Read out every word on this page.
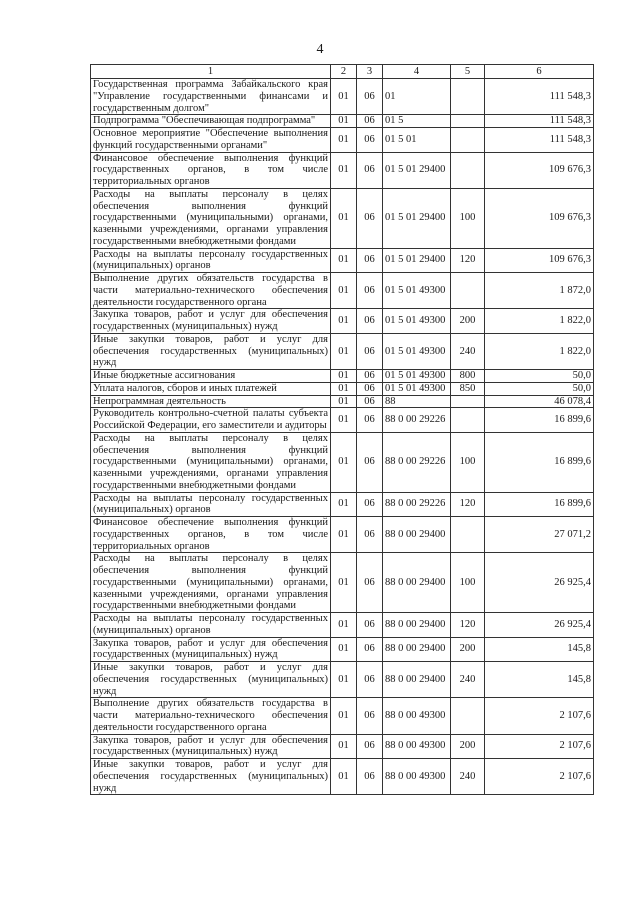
4
1	2	3	4	5	6
Государственная программа Забайкальского края "Управление государственными финансами и государственным долгом"	01	06	01		111 548,3
Подпрограмма "Обеспечивающая подпрограмма"	01	06	01 5		111 548,3
Основное мероприятие "Обеспечение выполнения функций государственными органами"	01	06	01 5 01		111 548,3
Финансовое обеспечение выполнения функций государственных органов, в том числе территориальных органов	01	06	01 5 01 29400		109 676,3
Расходы на выплаты персоналу в целях обеспечения выполнения функций государственными (муниципальными) органами, казенными учреждениями, органами управления государственными внебюджетными фондами	01	06	01 5 01 29400	100	109 676,3
Расходы на выплаты персоналу государственных (муниципальных) органов	01	06	01 5 01 29400	120	109 676,3
Выполнение других обязательств государства в части материально-технического обеспечения деятельности государственного органа	01	06	01 5 01 49300		1 872,0
Закупка товаров, работ и услуг для обеспечения государственных (муниципальных) нужд	01	06	01 5 01 49300	200	1 822,0
Иные закупки товаров, работ и услуг для обеспечения государственных (муниципальных) нужд	01	06	01 5 01 49300	240	1 822,0
Иные бюджетные ассигнования	01	06	01 5 01 49300	800	50,0
Уплата налогов, сборов и иных платежей	01	06	01 5 01 49300	850	50,0
Непрограммная деятельность	01	06	88		46 078,4
Руководитель контрольно-счетной палаты субъекта Российской Федерации, его заместители и аудиторы	01	06	88 0 00 29226		16 899,6
Расходы на выплаты персоналу в целях обеспечения выполнения функций государственными (муниципальными) органами, казенными учреждениями, органами управления государственными внебюджетными фондами	01	06	88 0 00 29226	100	16 899,6
Расходы на выплаты персоналу государственных (муниципальных) органов	01	06	88 0 00 29226	120	16 899,6
Финансовое обеспечение выполнения функций государственных органов, в том числе территориальных органов	01	06	88 0 00 29400		27 071,2
Расходы на выплаты персоналу в целях обеспечения выполнения функций государственными (муниципальными) органами, казенными учреждениями, органами управления государственными внебюджетными фондами	01	06	88 0 00 29400	100	26 925,4
Расходы на выплаты персоналу государственных (муниципальных) органов	01	06	88 0 00 29400	120	26 925,4
Закупка товаров, работ и услуг для обеспечения государственных (муниципальных) нужд	01	06	88 0 00 29400	200	145,8
Иные закупки товаров, работ и услуг для обеспечения государственных (муниципальных) нужд	01	06	88 0 00 29400	240	145,8
Выполнение других обязательств государства в части материально-технического обеспечения деятельности государственного органа	01	06	88 0 00 49300		2 107,6
Закупка товаров, работ и услуг для обеспечения государственных (муниципальных) нужд	01	06	88 0 00 49300	200	2 107,6
Иные закупки товаров, работ и услуг для обеспечения государственных (муниципальных) нужд	01	06	88 0 00 49300	240	2 107,6
